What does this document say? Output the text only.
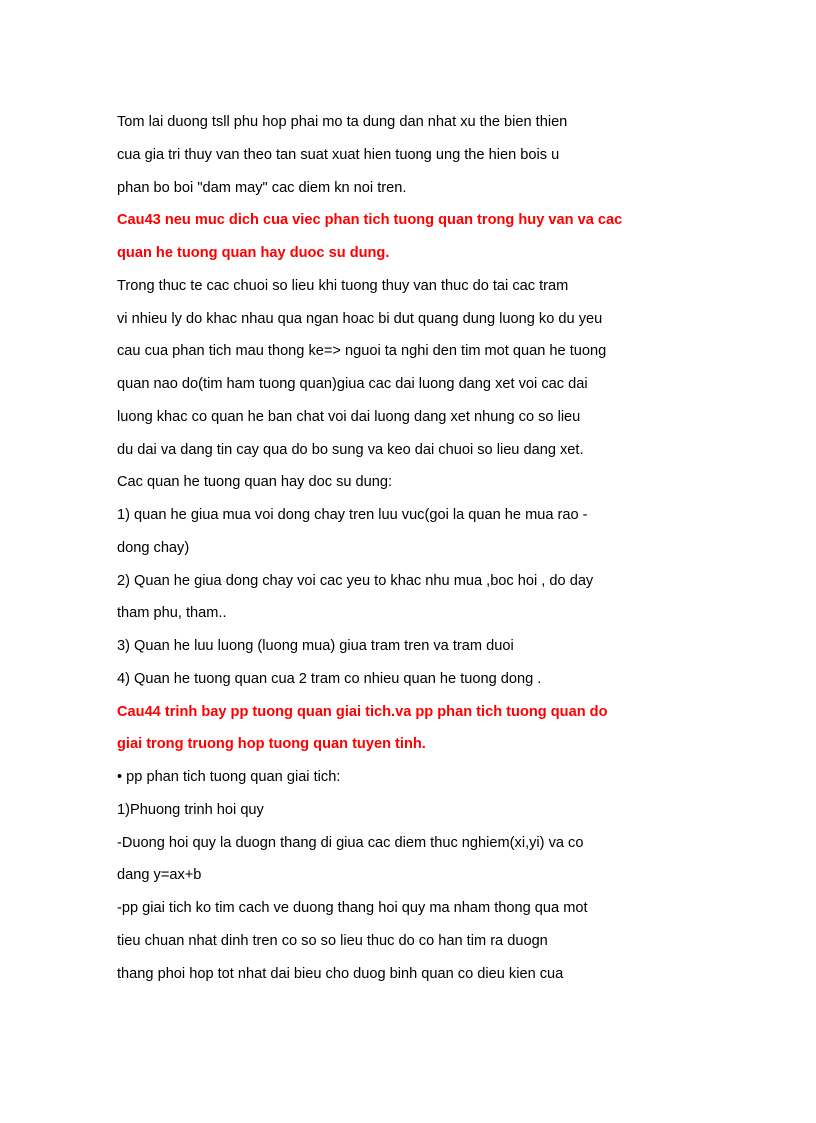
Tom lai duong tsll phu hop phai mo ta dung dan nhat xu the bien thien
cua gia tri thuy van theo tan suat xuat hien tuong ung the hien bois u
phan bo boi "dam may" cac diem kn noi tren.
Cau43 neu muc dich cua viec phan tich tuong quan trong huy van va cac
quan he tuong quan hay duoc su dung.
Trong thuc te cac chuoi so lieu khi tuong thuy van thuc do tai cac tram
vi nhieu ly do khac nhau qua ngan hoac bi dut quang dung luong ko du yeu
cau cua phan tich mau thong ke=> nguoi ta nghi den tim mot quan he tuong
quan nao do(tim ham tuong quan)giua cac dai luong dang xet voi cac dai
luong khac co quan he ban chat voi dai luong dang xet nhung co so lieu
du dai va dang tin cay qua do bo sung va keo dai chuoi so lieu dang xet.
Cac quan he tuong quan hay doc su dung:
1) quan he giua mua voi dong chay tren luu vuc(goi la quan he mua rao -
dong chay)
2) Quan he giua dong chay voi cac yeu to khac nhu mua ,boc hoi , do day
tham phu, tham..
3) Quan he luu luong (luong mua) giua tram tren va tram duoi
4) Quan he tuong quan cua 2 tram co nhieu quan he tuong dong .
Cau44 trinh bay pp tuong quan giai tich.va pp phan tich tuong quan do
giai trong truong hop tuong quan tuyen tinh.
• pp phan tich tuong quan giai tich:
1)Phuong trinh hoi quy
-Duong hoi quy la duogn thang di giua cac diem thuc nghiem(xi,yi) va co
dang y=ax+b
-pp giai tich ko tim cach ve duong thang hoi quy ma nham thong qua mot
tieu chuan nhat dinh tren co so so lieu thuc do co han tim ra duogn
thang phoi hop tot nhat dai bieu cho duog binh quan co dieu kien cua
